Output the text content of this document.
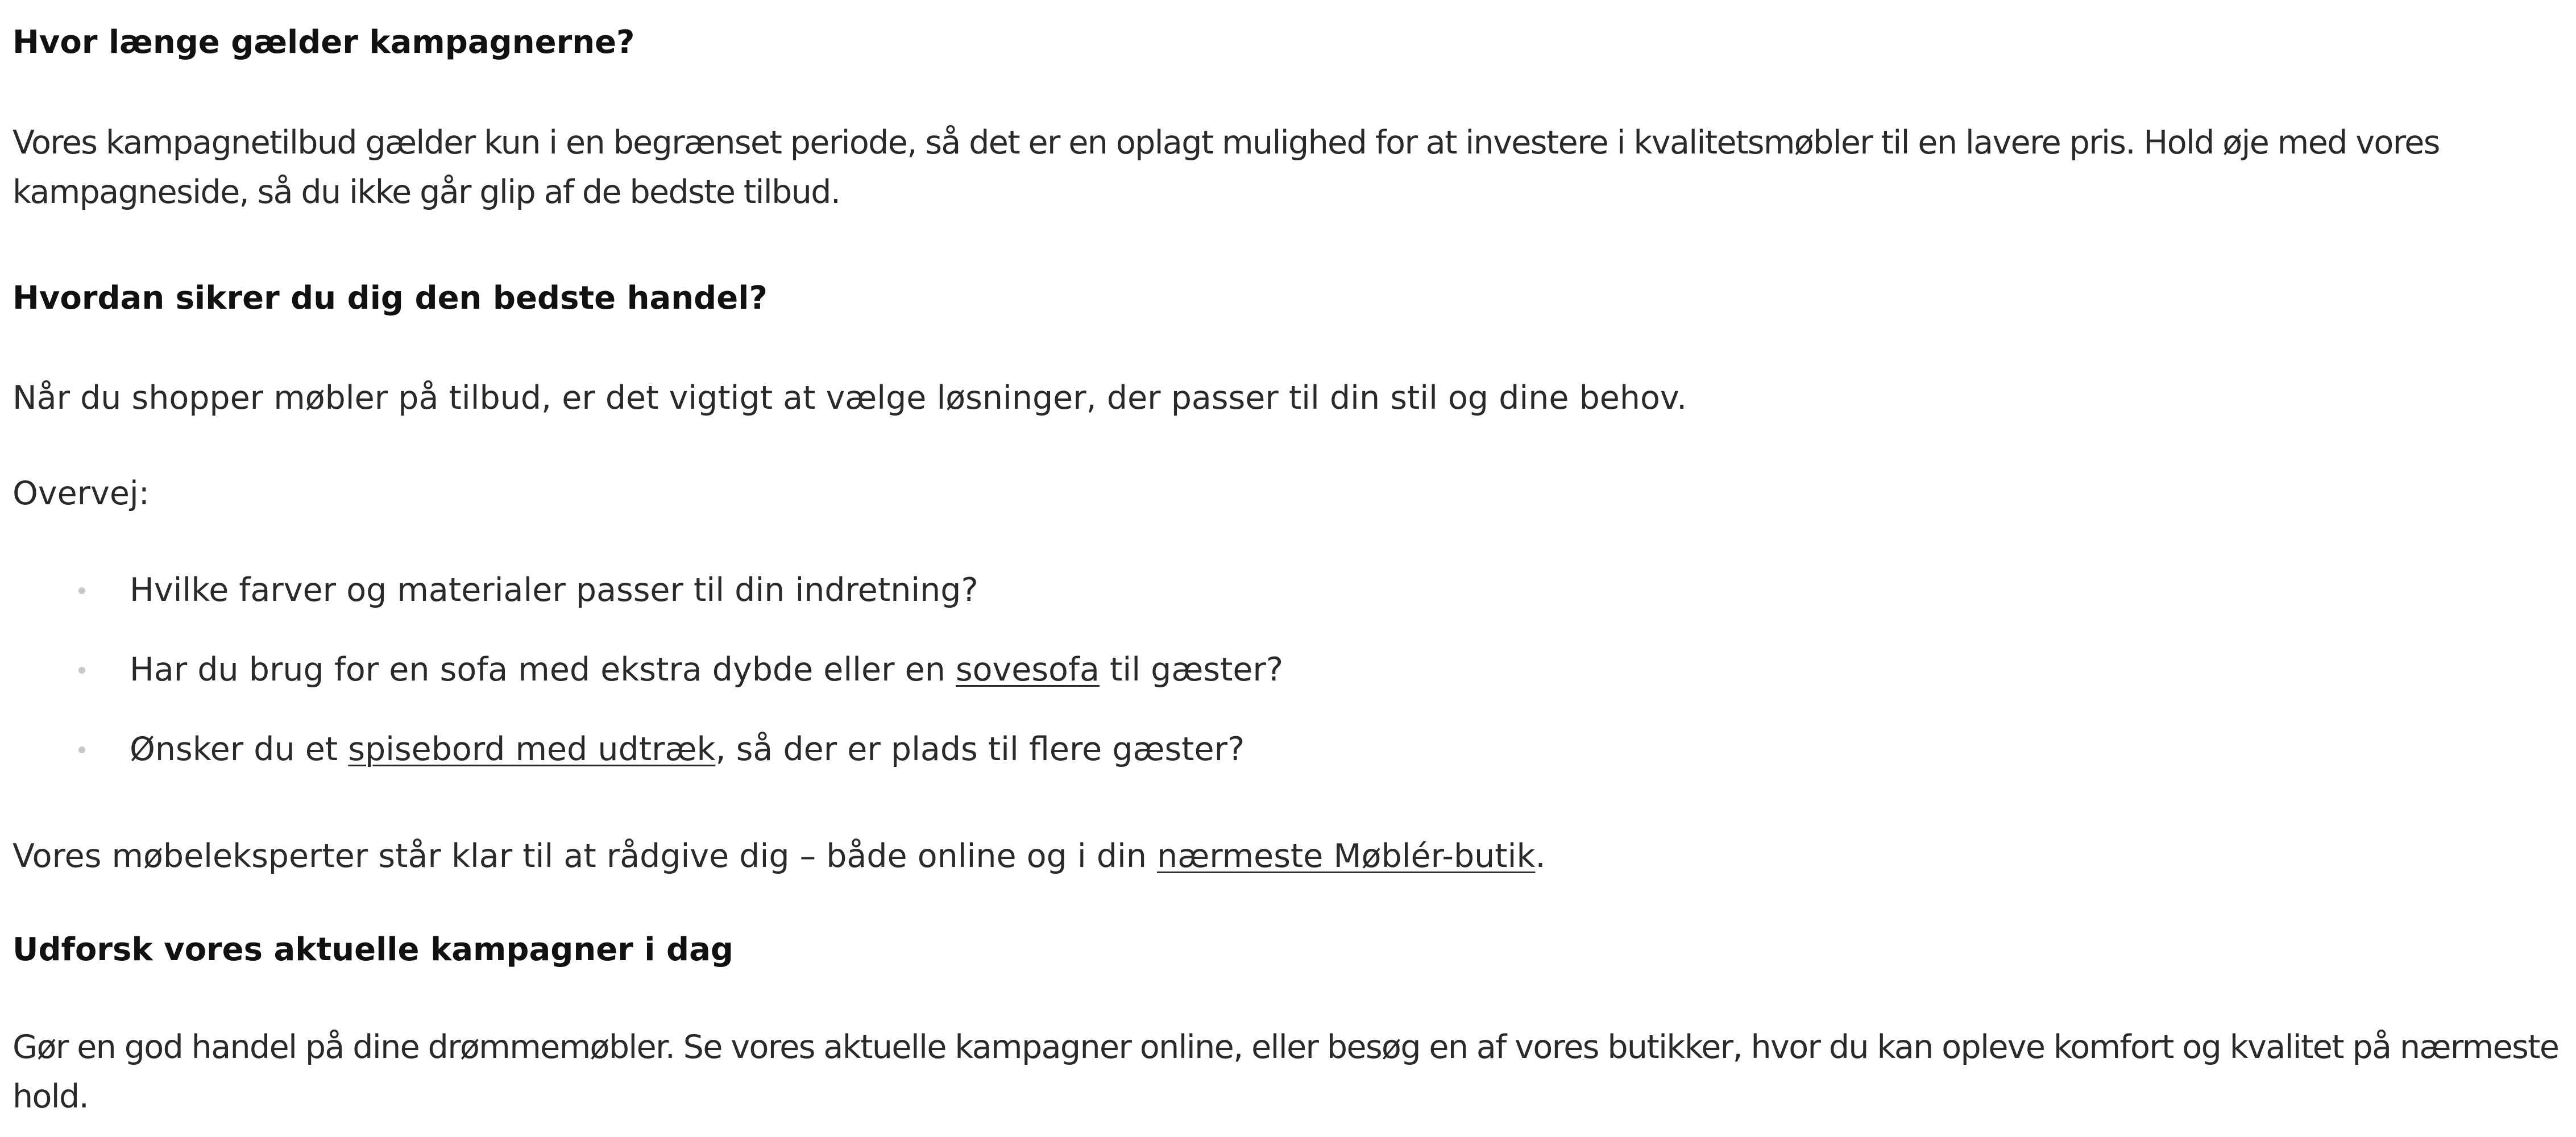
Hvor længe gælder kampagnerne?

Vores kampagnetilbud gælder kun i en begrænset periode, så det er en oplagt mulighed for at investere i kvalitetsmøbler til en lavere pris. Hold øje med vores kampagneside, så du ikke går glip af de bedste tilbud.

Hvordan sikrer du dig den bedste handel?

Når du shopper møbler på tilbud, er det vigtigt at vælge løsninger, der passer til din stil og dine behov.

Overvej:

Hvilke farver og materialer passer til din indretning?
Har du brug for en sofa med ekstra dybde eller en sovesofa til gæster?
Ønsker du et spisebord med udtræk, så der er plads til flere gæster?

Vores møbeleksperter står klar til at rådgive dig – både online og i din nærmeste Møblér-butik.

Udforsk vores aktuelle kampagner i dag

Gør en god handel på dine drømmemøbler. Se vores aktuelle kampagner online, eller besøg en af vores butikker, hvor du kan opleve komfort og kvalitet på nærmeste hold.
